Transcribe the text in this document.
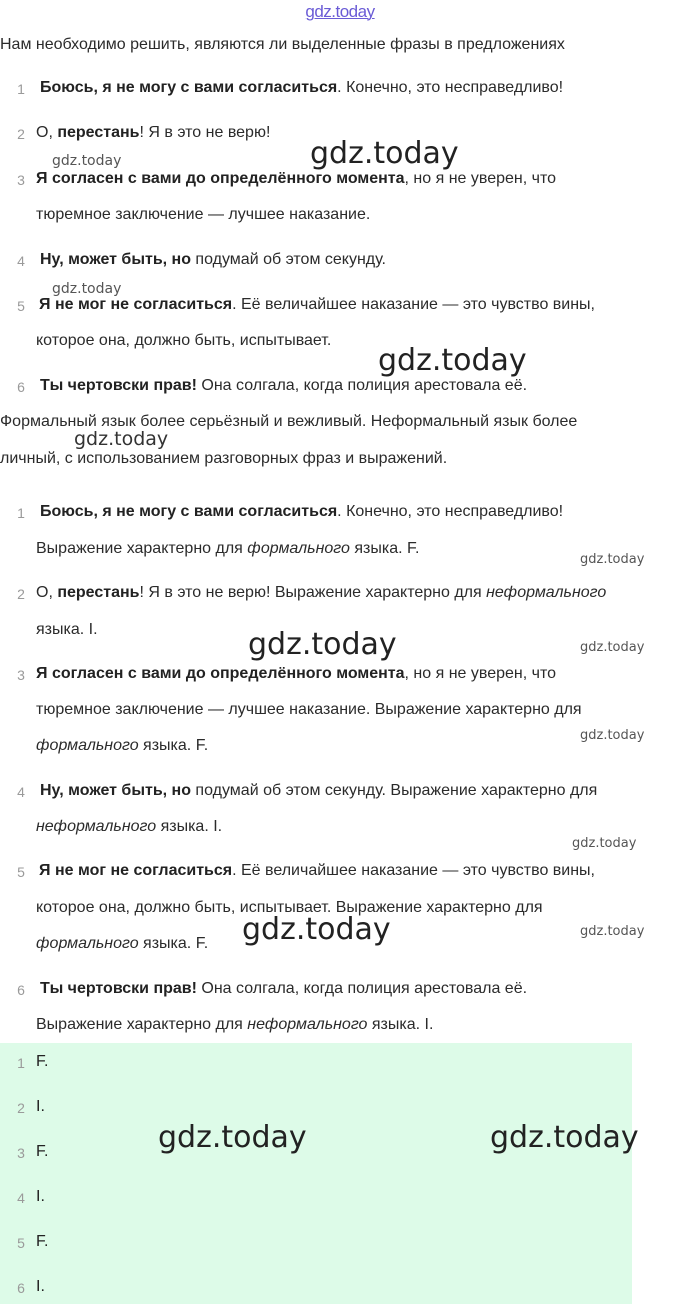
gdz.today
Нам необходимо решить, являются ли выделенные фразы в предложениях
1 Боюсь, я не могу с вами согласиться. Конечно, это несправедливо!
2 О, перестань! Я в это не верю!
3 Я согласен с вами до определённого момента, но я не уверен, что
тюремное заключение — лучшее наказание.
4 Ну, может быть, но подумай об этом секунду.
5 Я не мог не согласиться. Её величайшее наказание — это чувство вины,
которое она, должно быть, испытывает.
6 Ты чертовски прав! Она солгала, когда полиция арестовала её.
Формальный язык более серьёзный и вежливый. Неформальный язык более
личный, с использованием разговорных фраз и выражений.
1 Боюсь, я не могу с вами согласиться. Конечно, это несправедливо!
Выражение характерно для формального языка. F.
2 О, перестань! Я в это не верю! Выражение характерно для неформального
языка. I.
3 Я согласен с вами до определённого момента, но я не уверен, что
тюремное заключение — лучшее наказание. Выражение характерно для
формального языка. F.
4 Ну, может быть, но подумай об этом секунду. Выражение характерно для
неформального языка. I.
5 Я не мог не согласиться. Её величайшее наказание — это чувство вины,
которое она, должно быть, испытывает. Выражение характерно для
формального языка. F.
6 Ты чертовски прав! Она солгала, когда полиция арестовала её.
Выражение характерно для неформального языка. I.
1 F.
2 I.
3 F.
4 I.
5 F.
6 I.
gdz.today
gdz.today
gdz.today
gdz.today
gdz.today
gdz.today
gdz.today	gdz.today
gdz.today
gdz.today
gdz.today	gdz.today
gdz.today	gdz.today
